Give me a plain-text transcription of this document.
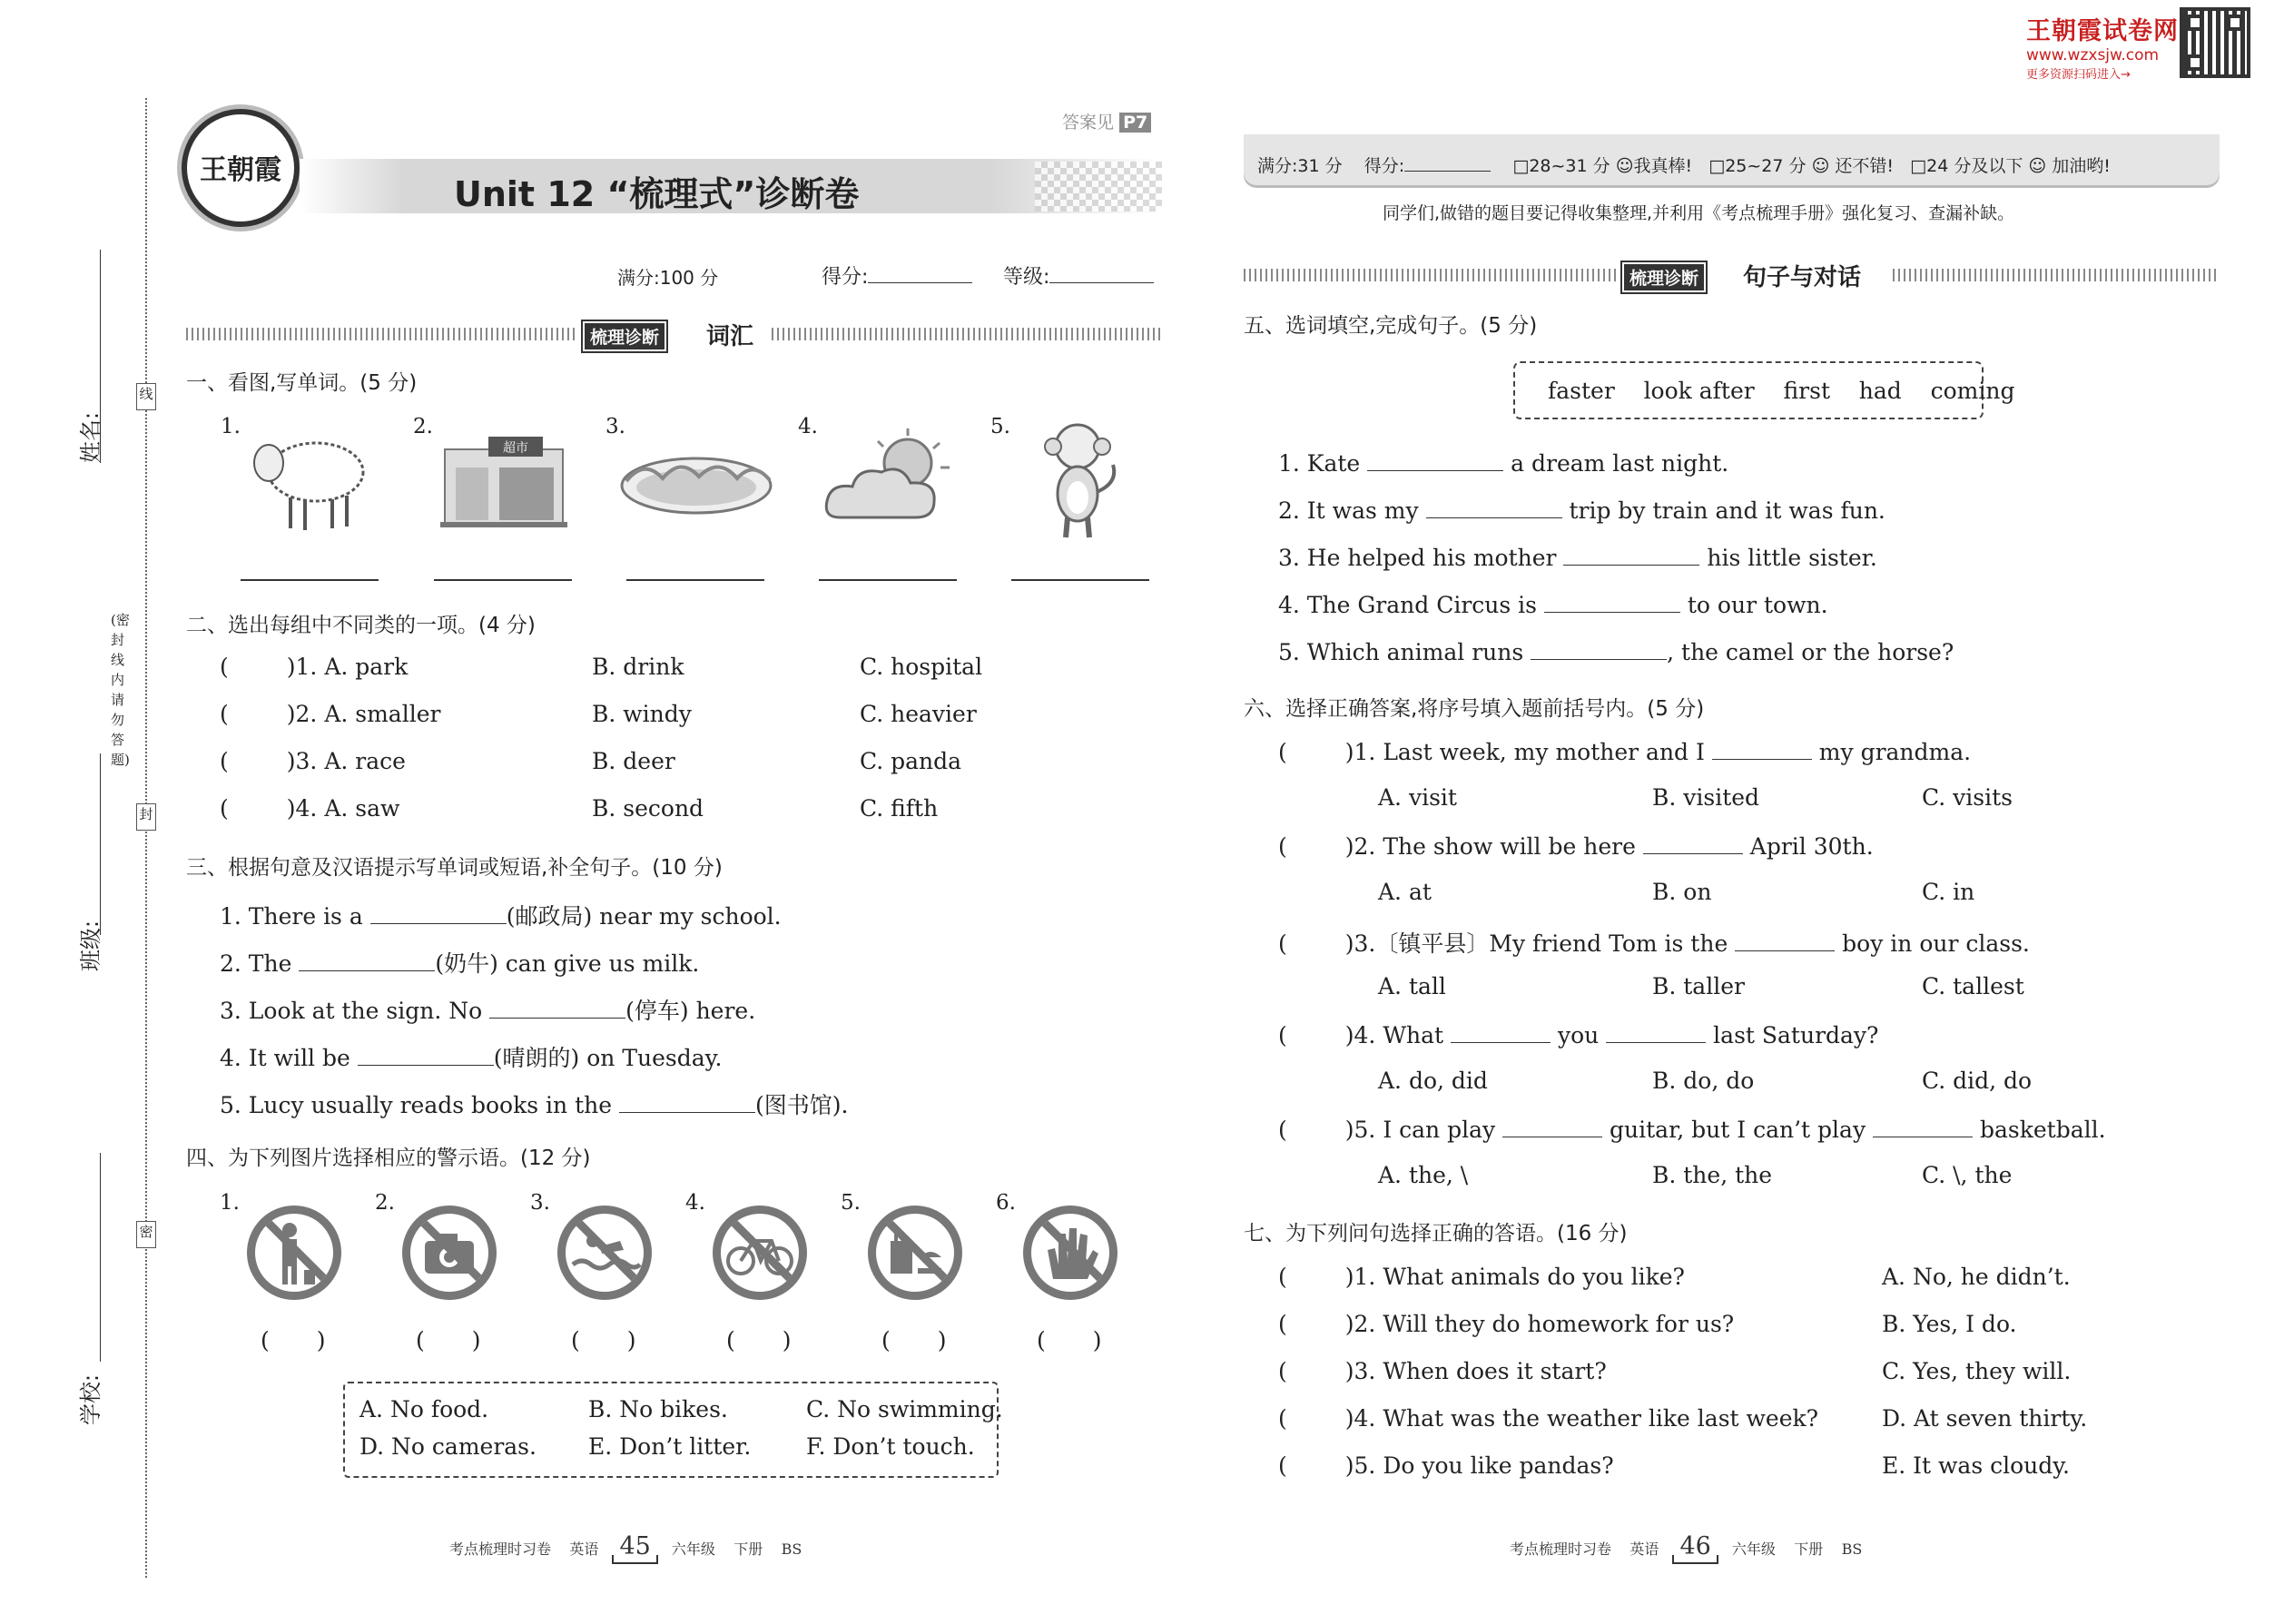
王朝霞试卷网
www.wzxsjw.com
更多资源扫码进入→
姓名:
班级:
学校:
线
封
密
(密封线内请勿答题)
王朝霞
Unit 12 “梳理式”诊断卷
答案见 P7
满分:100 分	得分:	等级:
梳理诊断	词汇
一、看图,写单词。(5 分)
1.	2.	3.	4.	5.
超市
二、选出每组中不同类的一项。(4 分)
(	)1. A. park	B. drink	C. hospital
(	)2. A. smaller	B. windy	C. heavier
(	)3. A. race	B. deer	C. panda
(	)4. A. saw	B. second	C. fifth
三、根据句意及汉语提示写单词或短语,补全句子。(10 分)
1. There is a	(邮政局) near my school.
2. The	(奶牛) can give us milk.
3. Look at the sign. No	(停车) here.
4. It will be	(晴朗的) on Tuesday.
5. Lucy usually reads books in the	(图书馆).
四、为下列图片选择相应的警示语。(12 分)
1.	2.	3.	4.	5.	6.
( )	( )	( )	( )	( )	( )
A. No food.	B. No bikes.	C. No swimming.
D. No cameras. E. Don’t litter. F. Don’t touch.
考点梳理时习卷 英语 45 六年级 下册 BS
满分:31 分 得分:	□28~31 分 ☺我真棒! □25~27 分 ☺ 还不错! □24 分及以下 ☺ 加油哟!
同学们,做错的题目要记得收集整理,并利用《考点梳理手册》强化复习、查漏补缺。
梳理诊断	句子与对话
五、选词填空,完成句子。(5 分)
faster    look after    first    had    coming
1. Kate	a dream last night.
2. It was my	trip by train and it was fun.
3. He helped his mother	his little sister.
4. The Grand Circus is	to our town.
5. Which animal runs	, the camel or the horse?
六、选择正确答案,将序号填入题前括号内。(5 分)
(	)1. Last week, my mother and I	my grandma.
A. visit	B. visited	C. visits
(	)2. The show will be here	April 30th.
A. at	B. on	C. in
(	)3.〔镇平县〕My friend Tom is the	boy in our class.
A. tall	B. taller	C. tallest
(	)4. What	you	last Saturday?
A. do, did	B. do, do	C. did, do
(	)5. I can play	guitar, but I can’t play	basketball.
A. the, \	B. the, the	C. \, the
七、为下列问句选择正确的答语。(16 分)
(	)1. What animals do you like?	A. No, he didn’t.
(	)2. Will they do homework for us?	B. Yes, I do.
(	)3. When does it start?	C. Yes, they will.
(	)4. What was the weather like last week?	D. At seven thirty.
(	)5. Do you like pandas?	E. It was cloudy.
考点梳理时习卷 英语 46 六年级 下册 BS
